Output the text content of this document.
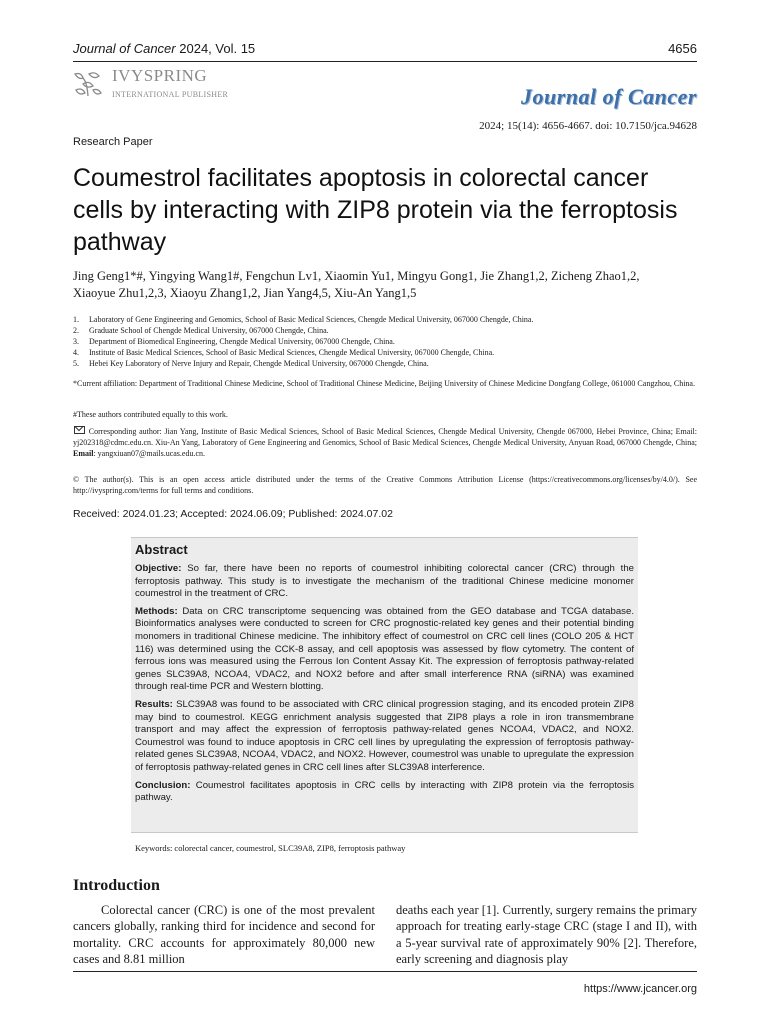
Journal of Cancer 2024, Vol. 15	4656
IVYSPRING
INTERNATIONAL PUBLISHER	Journal of Cancer
2024; 15(14): 4656-4667. doi: 10.7150/jca.94628
Research Paper
Coumestrol facilitates apoptosis in colorectal cancer
cells by interacting with ZIP8 protein via the ferroptosis
pathway
Jing Geng1*#, Yingying Wang1#, Fengchun Lv1, Xiaomin Yu1, Mingyu Gong1, Jie Zhang1,2, Zicheng Zhao1,2,
Xiaoyue Zhu1,2,3, Xiaoyu Zhang1,2, Jian Yang4,5, Xiu-An Yang1,5
1.	Laboratory of Gene Engineering and Genomics, School of Basic Medical Sciences, Chengde Medical University, 067000 Chengde, China.
2.	Graduate School of Chengde Medical University, 067000 Chengde, China.
3.	Department of Biomedical Engineering, Chengde Medical University, 067000 Chengde, China.
4.	Institute of Basic Medical Sciences, School of Basic Medical Sciences, Chengde Medical University, 067000 Chengde, China.
5.	Hebei Key Laboratory of Nerve Injury and Repair, Chengde Medical University, 067000 Chengde, China.
*Current affiliation: Department of Traditional Chinese Medicine, School of Traditional Chinese Medicine, Beijing University of Chinese Medicine Dongfang College, 061000 Cangzhou, China.
#These authors contributed equally to this work.
Corresponding author: Jian Yang, Institute of Basic Medical Sciences, School of Basic Medical Sciences, Chengde Medical University, Chengde 067000, Hebei Province, China; Email: yj202318@cdmc.edu.cn. Xiu-An Yang, Laboratory of Gene Engineering and Genomics, School of Basic Medical Sciences, Chengde Medical University, Anyuan Road, 067000 Chengde, China; Email: yangxiuan07@mails.ucas.edu.cn.
© The author(s). This is an open access article distributed under the terms of the Creative Commons Attribution License (https://creativecommons.org/licenses/by/4.0/). See http://ivyspring.com/terms for full terms and conditions.
Received: 2024.01.23; Accepted: 2024.06.09; Published: 2024.07.02
Abstract

Objective: So far, there have been no reports of coumestrol inhibiting colorectal cancer (CRC) through the ferroptosis pathway. This study is to investigate the mechanism of the traditional Chinese medicine monomer coumestrol in the treatment of CRC.

Methods: Data on CRC transcriptome sequencing was obtained from the GEO database and TCGA database. Bioinformatics analyses were conducted to screen for CRC prognostic-related key genes and their potential binding monomers in traditional Chinese medicine. The inhibitory effect of coumestrol on CRC cell lines (COLO 205 & HCT 116) was determined using the CCK-8 assay, and cell apoptosis was assessed by flow cytometry. The content of ferrous ions was measured using the Ferrous Ion Content Assay Kit. The expression of ferroptosis pathway-related genes SLC39A8, NCOA4, VDAC2, and NOX2 before and after small interference RNA (siRNA) was examined through real-time PCR and Western blotting.

Results: SLC39A8 was found to be associated with CRC clinical progression staging, and its encoded protein ZIP8 may bind to coumestrol. KEGG enrichment analysis suggested that ZIP8 plays a role in iron transmembrane transport and may affect the expression of ferroptosis pathway-related genes NCOA4, VDAC2, and NOX2. Coumestrol was found to induce apoptosis in CRC cell lines by upregulating the expression of ferroptosis pathway-related genes SLC39A8, NCOA4, VDAC2, and NOX2. However, coumestrol was unable to upregulate the expression of ferroptosis pathway-related genes in CRC cell lines after SLC39A8 interference.

Conclusion: Coumestrol facilitates apoptosis in CRC cells by interacting with ZIP8 protein via the ferroptosis pathway.

Keywords: colorectal cancer, coumestrol, SLC39A8, ZIP8, ferroptosis pathway
Introduction
Colorectal cancer (CRC) is one of the most prevalent cancers globally, ranking third for incidence and second for mortality. CRC accounts for approximately 80,000 new cases and 8.81 million
deaths each year [1]. Currently, surgery remains the primary approach for treating early-stage CRC (stage I and II), with a 5-year survival rate of approximately 90% [2]. Therefore, early screening and diagnosis play
https://www.jcancer.org
